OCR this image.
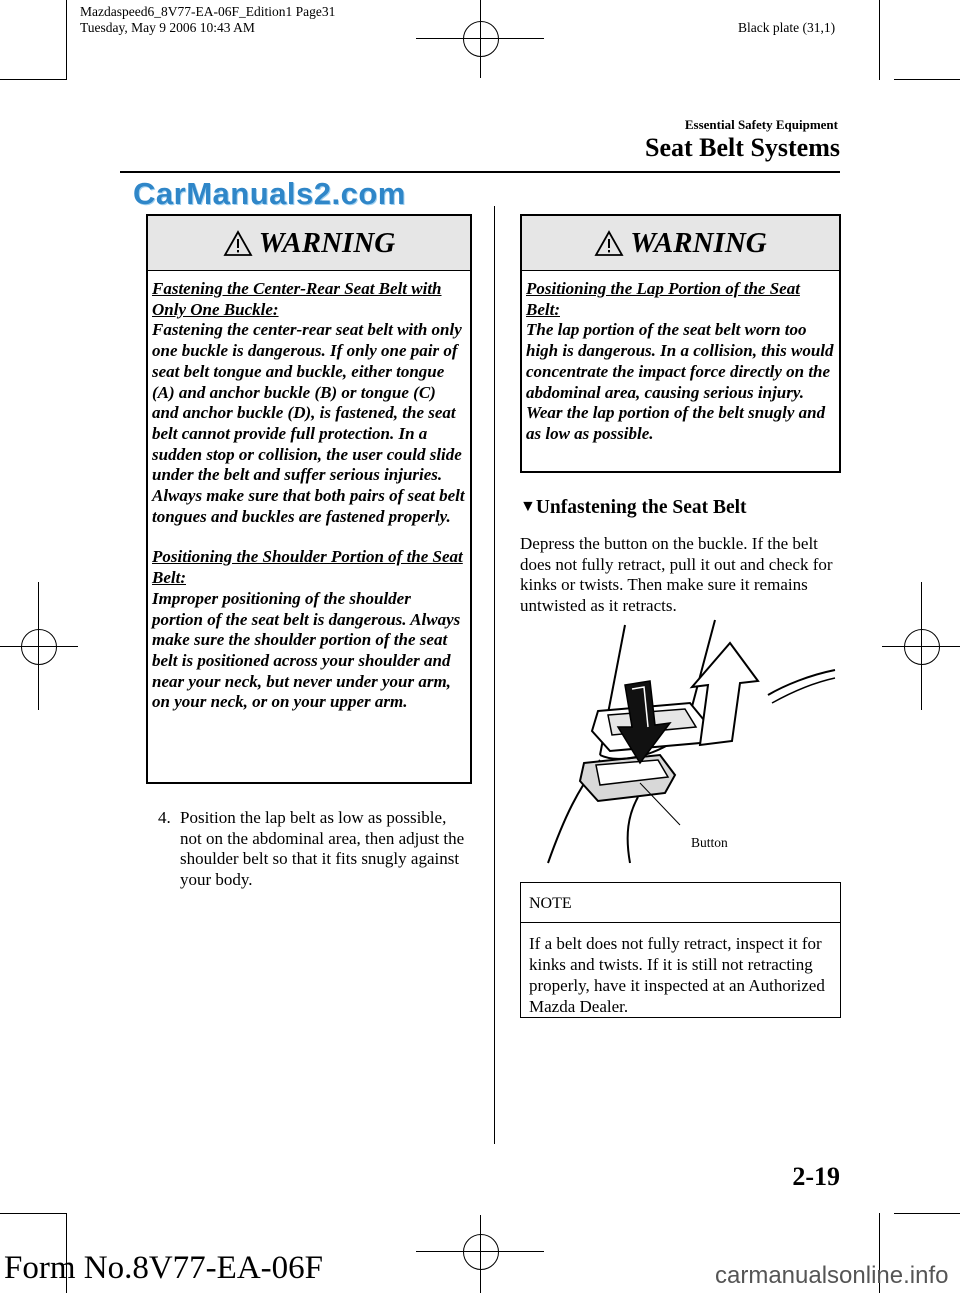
Mazdaspeed6_8V77-EA-06F_Edition1 Page31
Tuesday, May 9 2006 10:43 AM	Black plate (31,1)
Essential Safety Equipment
Seat Belt Systems
CarManuals2.com
WARNING

Fastening the Center-Rear Seat Belt with Only One Buckle:

Fastening the center-rear seat belt with only one buckle is dangerous. If only one pair of seat belt tongue and buckle, either tongue (A) and anchor buckle (B) or tongue (C) and anchor buckle (D), is fastened, the seat belt cannot provide full protection. In a sudden stop or collision, the user could slide under the belt and suffer serious injuries. Always make sure that both pairs of seat belt tongues and buckles are fastened properly.

Positioning the Shoulder Portion of the Seat Belt:

Improper positioning of the shoulder portion of the seat belt is dangerous. Always make sure the shoulder portion of the seat belt is positioned across your shoulder and near your neck, but never under your arm, on your neck, or on your upper arm.

4. Position the lap belt as low as possible, not on the abdominal area, then adjust the shoulder belt so that it fits snugly against your body.
WARNING

Positioning the Lap Portion of the Seat Belt:

The lap portion of the seat belt worn too high is dangerous. In a collision, this would concentrate the impact force directly on the abdominal area, causing serious injury. Wear the lap portion of the belt snugly and as low as possible.

▼Unfastening the Seat Belt
Depress the button on the buckle. If the belt does not fully retract, pull it out and check for kinks or twists. Then make sure it remains untwisted as it retracts.
Button
NOTE
If a belt does not fully retract, inspect it for kinks and twists. If it is still not retracting properly, have it inspected at an Authorized Mazda Dealer.
2-19
Form No.8V77-EA-06F	carmanualsonline.info
